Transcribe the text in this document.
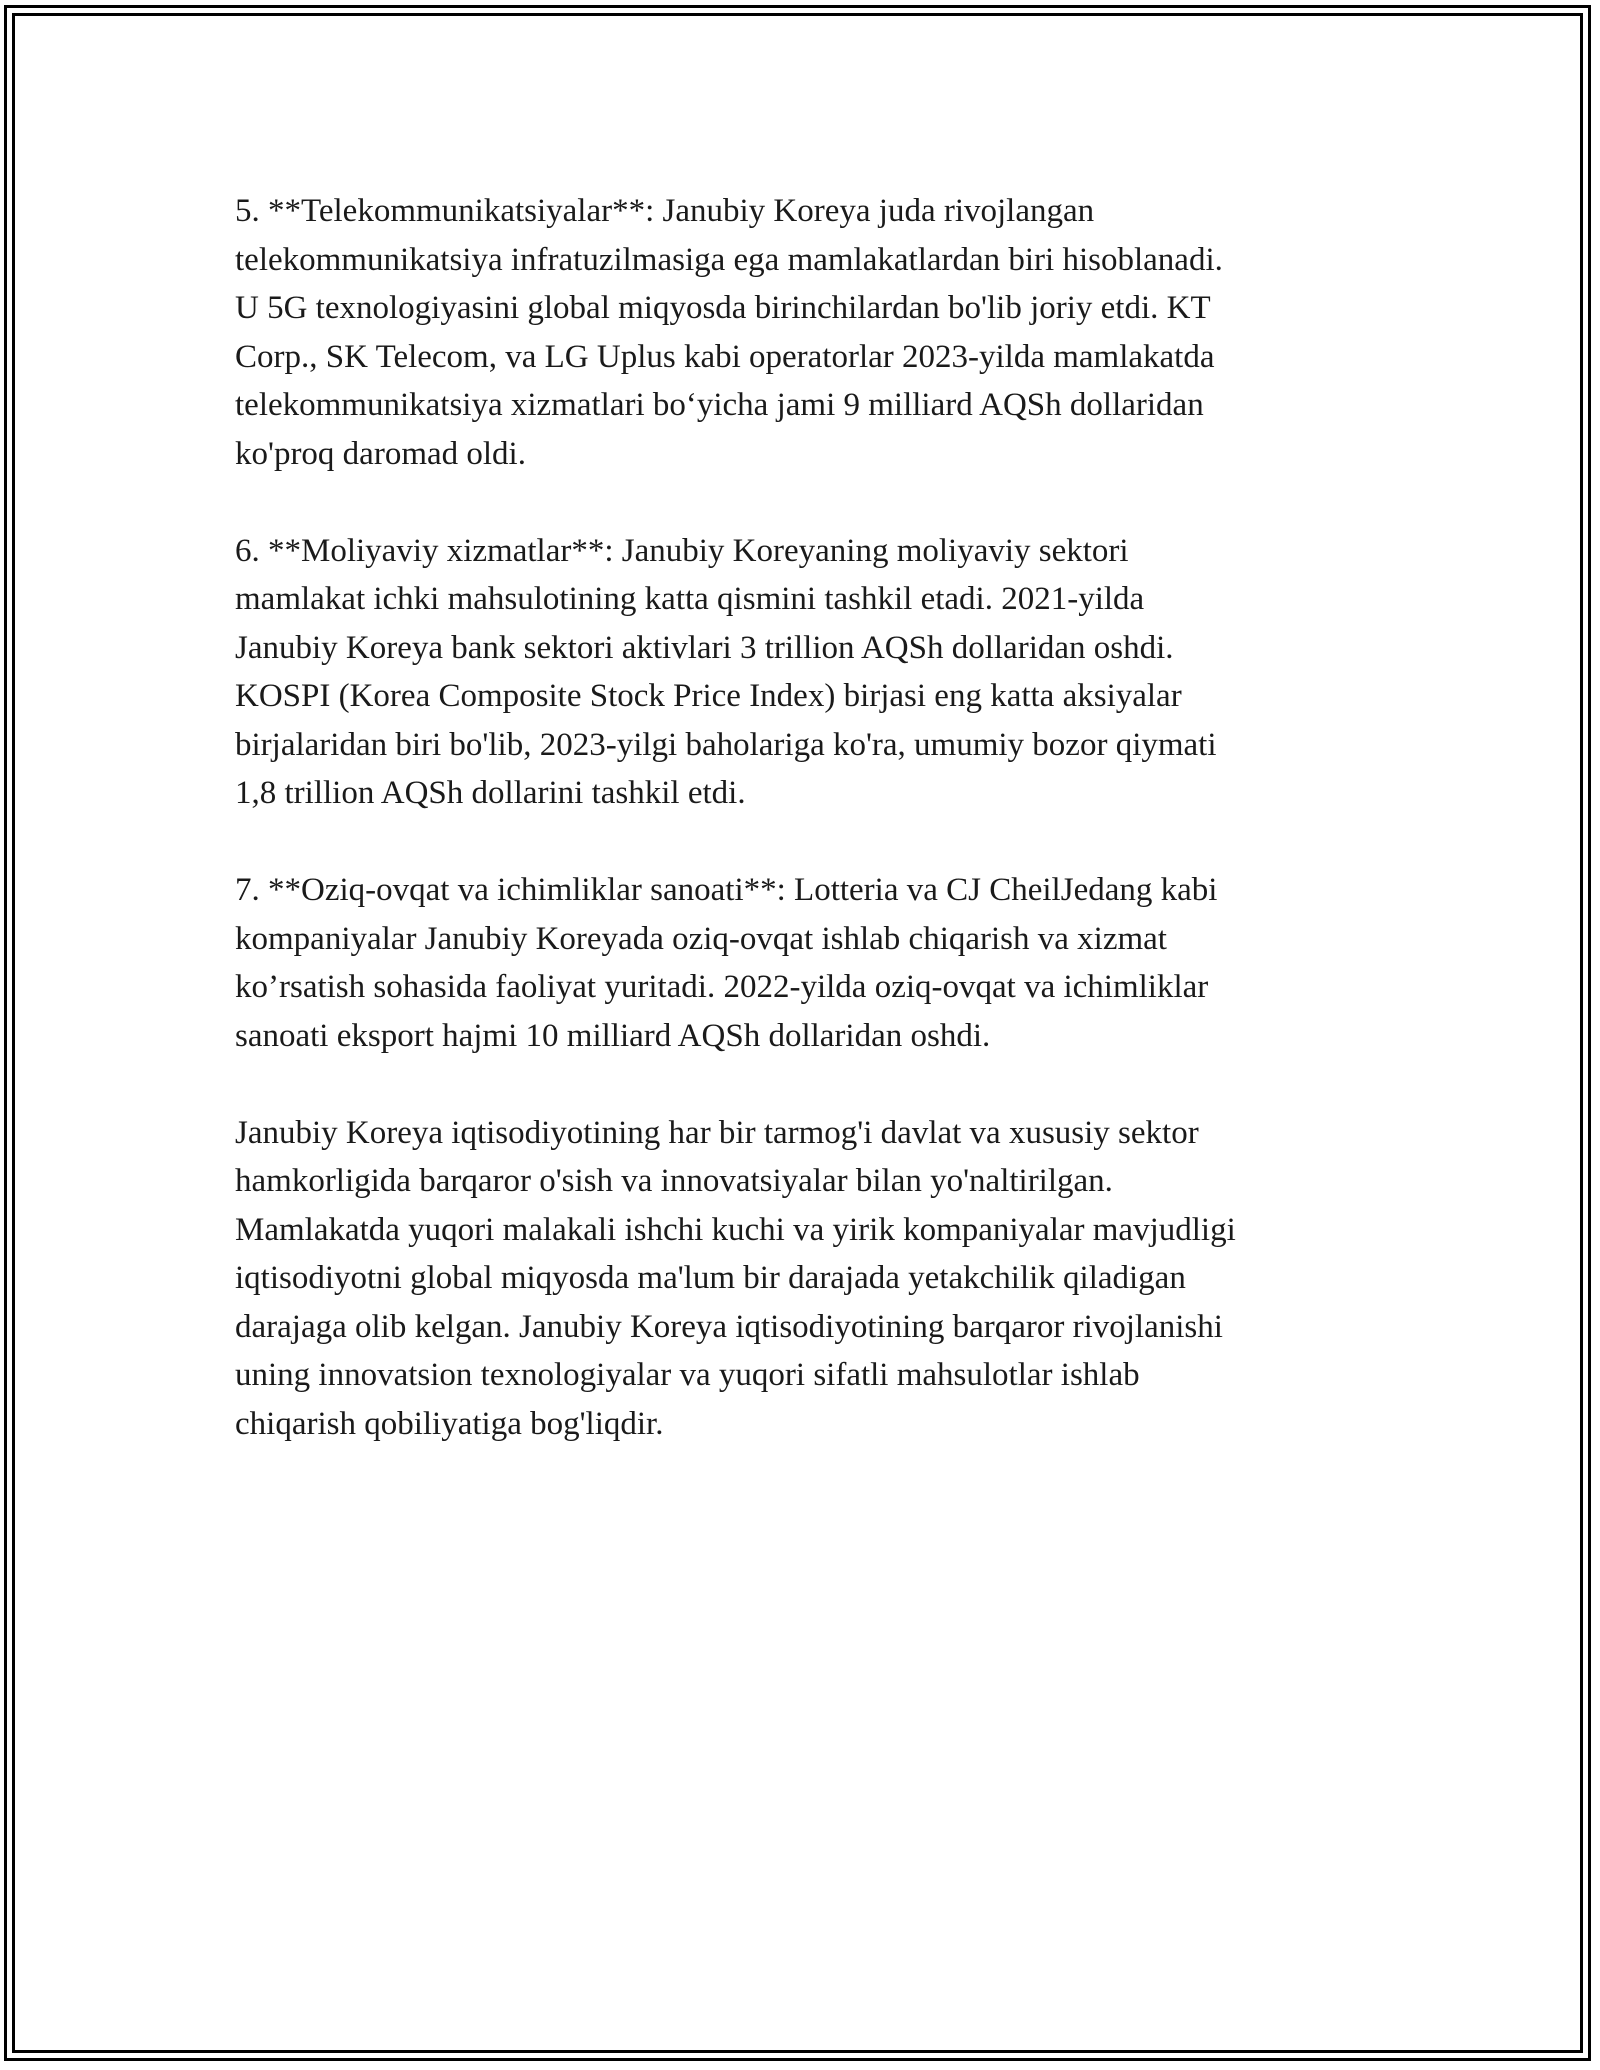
5. **Telekommunikatsiyalar**: Janubiy Koreya juda rivojlangan
telekommunikatsiya infratuzilmasiga ega mamlakatlardan biri hisoblanadi.
U 5G texnologiyasini global miqyosda birinchilardan bo'lib joriy etdi. KT
Corp., SK Telecom, va LG Uplus kabi operatorlar 2023-yilda mamlakatda
telekommunikatsiya xizmatlari bo‘yicha jami 9 milliard AQSh dollaridan
ko'proq daromad oldi.

6. **Moliyaviy xizmatlar**: Janubiy Koreyaning moliyaviy sektori
mamlakat ichki mahsulotining katta qismini tashkil etadi. 2021-yilda
Janubiy Koreya bank sektori aktivlari 3 trillion AQSh dollaridan oshdi.
KOSPI (Korea Composite Stock Price Index) birjasi eng katta aksiyalar
birjalaridan biri bo'lib, 2023-yilgi baholariga ko'ra, umumiy bozor qiymati
1,8 trillion AQSh dollarini tashkil etdi.

7. **Oziq-ovqat va ichimliklar sanoati**: Lotteria va CJ CheilJedang kabi
kompaniyalar Janubiy Koreyada oziq-ovqat ishlab chiqarish va xizmat
ko’rsatish sohasida faoliyat yuritadi. 2022-yilda oziq-ovqat va ichimliklar
sanoati eksport hajmi 10 milliard AQSh dollaridan oshdi.

Janubiy Koreya iqtisodiyotining har bir tarmog'i davlat va xususiy sektor
hamkorligida barqaror o'sish va innovatsiyalar bilan yo'naltirilgan.
Mamlakatda yuqori malakali ishchi kuchi va yirik kompaniyalar mavjudligi
iqtisodiyotni global miqyosda ma'lum bir darajada yetakchilik qiladigan
darajaga olib kelgan. Janubiy Koreya iqtisodiyotining barqaror rivojlanishi
uning innovatsion texnologiyalar va yuqori sifatli mahsulotlar ishlab
chiqarish qobiliyatiga bog'liqdir.
